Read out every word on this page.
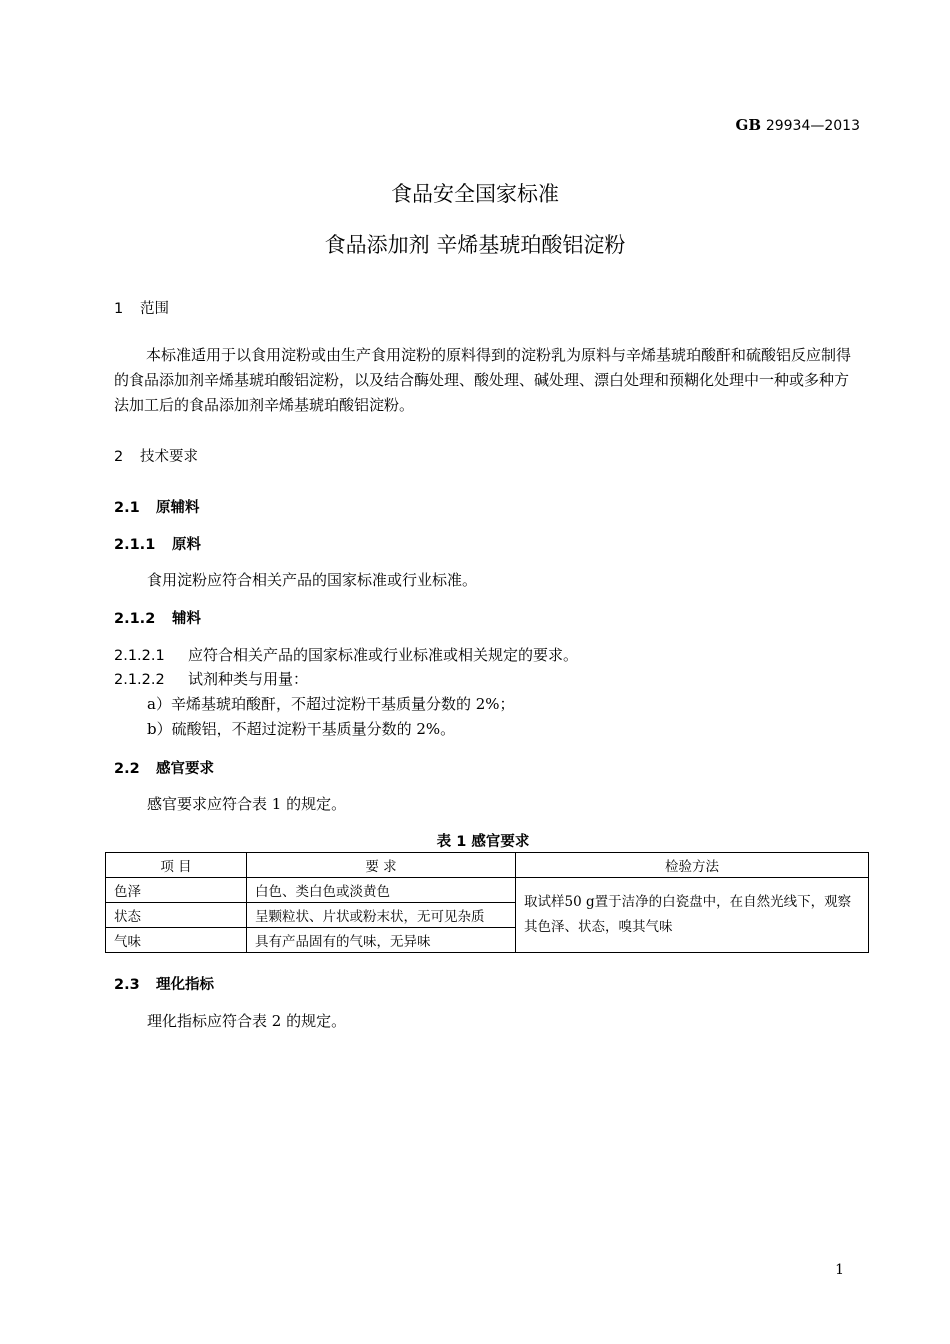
GB 29934—2013
食品安全国家标准
食品添加剂 辛烯基琥珀酸铝淀粉
1 范围
本标准适用于以食用淀粉或由生产食用淀粉的原料得到的淀粉乳为原料与辛烯基琥珀酸酐和硫酸铝反应制得的食品添加剂辛烯基琥珀酸铝淀粉，以及结合酶处理、酸处理、碱处理、漂白处理和预糊化处理中一种或多种方法加工后的食品添加剂辛烯基琥珀酸铝淀粉。
2 技术要求
2.1 原辅料
2.1.1 原料
食用淀粉应符合相关产品的国家标准或行业标准。
2.1.2 辅料
2.1.2.1 应符合相关产品的国家标准或行业标准或相关规定的要求。
2.1.2.2 试剂种类与用量：
a）辛烯基琥珀酸酐，不超过淀粉干基质量分数的 2%；
b）硫酸铝，不超过淀粉干基质量分数的 2%。
2.2 感官要求
感官要求应符合表 1 的规定。
表 1 感官要求
项 目	要 求	检验方法
色泽	白色、类白色或淡黄色	取试样50 g置于洁净的白瓷盘中，在自然光线下，观察其色泽、状态，嗅其气味
状态	呈颗粒状、片状或粉末状，无可见杂质	
气味	具有产品固有的气味，无异味	
2.3 理化指标
理化指标应符合表 2 的规定。
1
